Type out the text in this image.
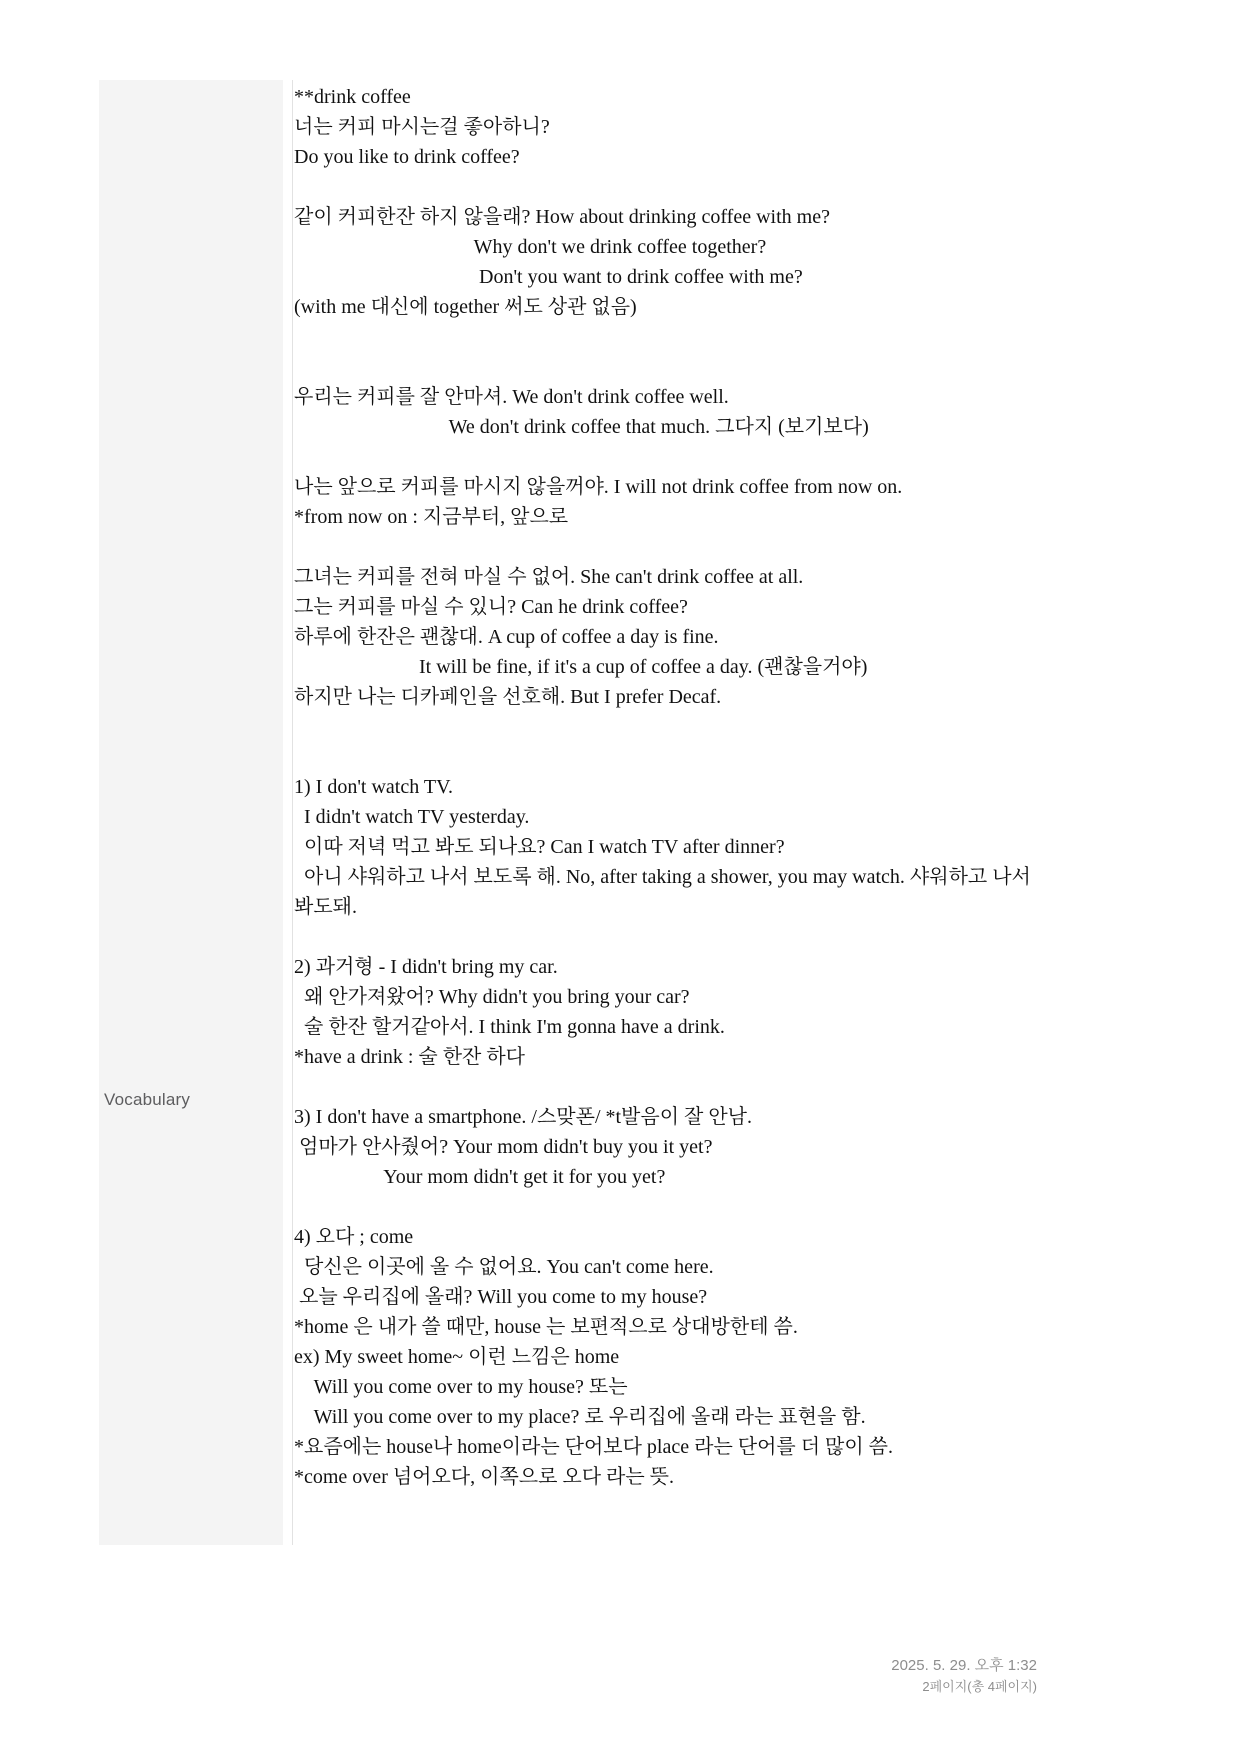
Vocabulary
**drink coffee
너는 커피 마시는걸 좋아하니?
Do you like to drink coffee?
같이 커피한잔 하지 않을래? How about drinking coffee with me?
Why don't we drink coffee together?
Don't you want to drink coffee with me?
(with me 대신에 together 써도 상관 없음)
우리는 커피를 잘 안마셔. We don't drink coffee well.
We don't drink coffee that much. 그다지 (보기보다)
나는 앞으로 커피를 마시지 않을꺼야. I will not drink coffee from now on.
*from now on : 지금부터, 앞으로
그녀는 커피를 전혀 마실 수 없어. She can't drink coffee at all.
그는 커피를 마실 수 있니? Can he drink coffee?
하루에 한잔은 괜찮대. A cup of coffee a day is fine.
It will be fine, if it's a cup of coffee a day. (괜찮을거야)
하지만 나는 디카페인을 선호해. But I prefer Decaf.
1) I don't watch TV.
I didn't watch TV yesterday.
이따 저녁 먹고 봐도 되나요? Can I watch TV after dinner?
아니 샤워하고 나서 보도록 해. No, after taking a shower, you may watch. 샤워하고 나서
봐도돼.
2) 과거형 - I didn't bring my car.
왜 안가져왔어? Why didn't you bring your car?
술 한잔 할거같아서. I think I'm gonna have a drink.
*have a drink : 술 한잔 하다
3) I don't have a smartphone. /스맞폰/ *t발음이 잘 안남.
엄마가 안사줬어? Your mom didn't buy you it yet?
Your mom didn't get it for you yet?
4) 오다 ; come
당신은 이곳에 올 수 없어요. You can't come here.
오늘 우리집에 올래? Will you come to my house?
*home 은 내가 쓸 때만, house 는 보편적으로 상대방한테 씀.
ex) My sweet home~ 이런 느낌은 home
Will you come over to my house? 또는
Will you come over to my place? 로 우리집에 올래 라는 표현을 함.
*요즘에는 house나 home이라는 단어보다 place 라는 단어를 더 많이 씀.
*come over 넘어오다, 이쪽으로 오다 라는 뜻.
2025. 5. 29. 오후 1:32
2페이지(총 4페이지)
